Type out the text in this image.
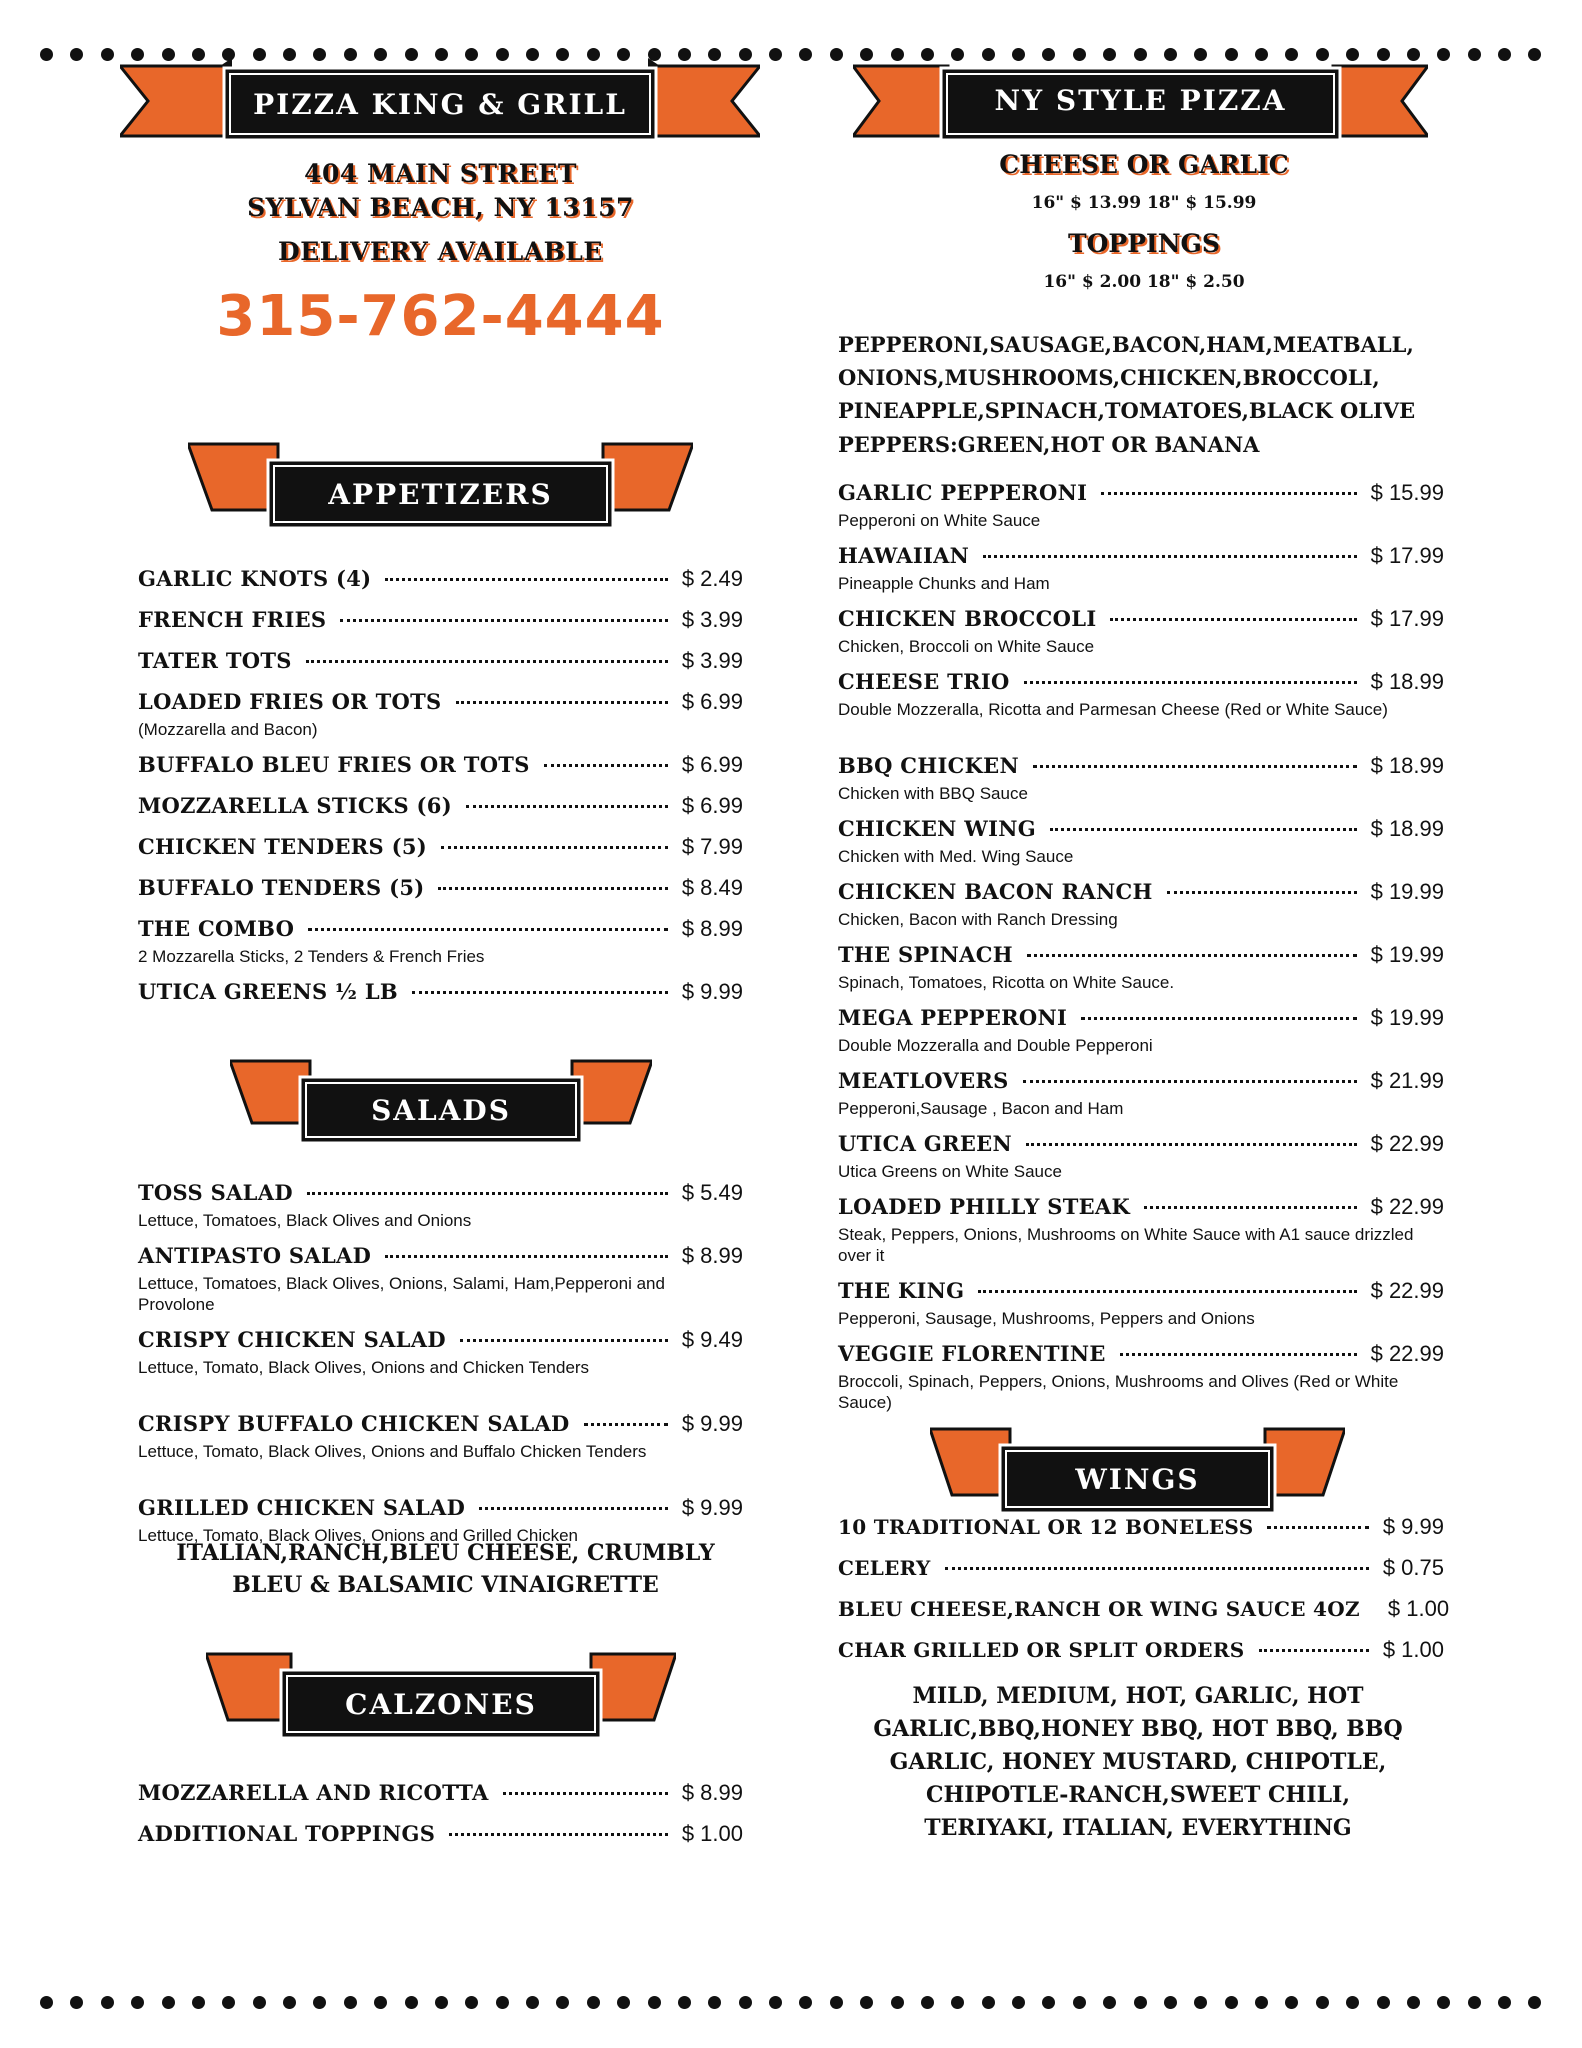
PIZZA KING & GRILL
404 MAIN STREET
SYLVAN BEACH, NY 13157
DELIVERY AVAILABLE
315-762-4444
APPETIZERS
GARLIC KNOTS (4)	$ 2.49
FRENCH FRIES	$ 3.99
TATER TOTS	$ 3.99
LOADED FRIES OR TOTS	$ 6.99
(Mozzarella and Bacon)
BUFFALO BLEU FRIES OR TOTS	$ 6.99
MOZZARELLA STICKS (6)	$ 6.99
CHICKEN TENDERS (5)	$ 7.99
BUFFALO TENDERS (5)	$ 8.49
THE COMBO	$ 8.99
2 Mozzarella Sticks, 2 Tenders & French Fries
UTICA GREENS ½ LB	$ 9.99
SALADS
TOSS SALAD	$ 5.49
Lettuce, Tomatoes, Black Olives and Onions
ANTIPASTO SALAD	$ 8.99
Lettuce, Tomatoes, Black Olives, Onions, Salami, Ham,Pepperoni and Provolone
CRISPY CHICKEN SALAD	$ 9.49
Lettuce, Tomato, Black Olives, Onions and Chicken Tenders
CRISPY BUFFALO CHICKEN SALAD	$ 9.99
Lettuce, Tomato, Black Olives, Onions and Buffalo Chicken Tenders
GRILLED CHICKEN SALAD	$ 9.99
Lettuce, Tomato, Black Olives, Onions and Grilled Chicken
ITALIAN,RANCH,BLEU CHEESE, CRUMBLY BLEU & BALSAMIC VINAIGRETTE
CALZONES
MOZZARELLA AND RICOTTA	$ 8.99
ADDITIONAL TOPPINGS	$ 1.00
NY STYLE PIZZA
CHEESE OR GARLIC
16" $ 13.99 18" $ 15.99
TOPPINGS
16" $ 2.00 18" $ 2.50
PEPPERONI,SAUSAGE,BACON,HAM,MEATBALL, ONIONS,MUSHROOMS,CHICKEN,BROCCOLI, PINEAPPLE,SPINACH,TOMATOES,BLACK OLIVE PEPPERS:GREEN,HOT OR BANANA
GARLIC PEPPERONI	$ 15.99
Pepperoni on White Sauce
HAWAIIAN	$ 17.99
Pineapple Chunks and Ham
CHICKEN BROCCOLI	$ 17.99
Chicken, Broccoli on White Sauce
CHEESE TRIO	$ 18.99
Double Mozzeralla, Ricotta and Parmesan Cheese (Red or White Sauce)
BBQ CHICKEN	$ 18.99
Chicken with BBQ Sauce
CHICKEN WING	$ 18.99
Chicken with Med. Wing Sauce
CHICKEN BACON RANCH	$ 19.99
Chicken, Bacon with Ranch Dressing
THE SPINACH	$ 19.99
Spinach, Tomatoes, Ricotta on White Sauce.
MEGA PEPPERONI	$ 19.99
Double Mozzeralla and Double Pepperoni
MEATLOVERS	$ 21.99
Pepperoni,Sausage , Bacon and Ham
UTICA GREEN	$ 22.99
Utica Greens on White Sauce
LOADED PHILLY STEAK	$ 22.99
Steak, Peppers, Onions, Mushrooms on White Sauce with A1 sauce drizzled over it
THE KING	$ 22.99
Pepperoni, Sausage, Mushrooms, Peppers and Onions
VEGGIE FLORENTINE	$ 22.99
Broccoli, Spinach, Peppers, Onions, Mushrooms and Olives (Red or White Sauce)
WINGS
10 TRADITIONAL OR 12 BONELESS	$ 9.99
CELERY	$ 0.75
BLEU CHEESE,RANCH OR WING SAUCE 4OZ $ 1.00
CHAR GRILLED OR SPLIT ORDERS	$ 1.00
MILD, MEDIUM, HOT, GARLIC, HOT GARLIC,BBQ,HONEY BBQ, HOT BBQ, BBQ GARLIC, HONEY MUSTARD, CHIPOTLE, CHIPOTLE-RANCH,SWEET CHILI, TERIYAKI, ITALIAN, EVERYTHING
